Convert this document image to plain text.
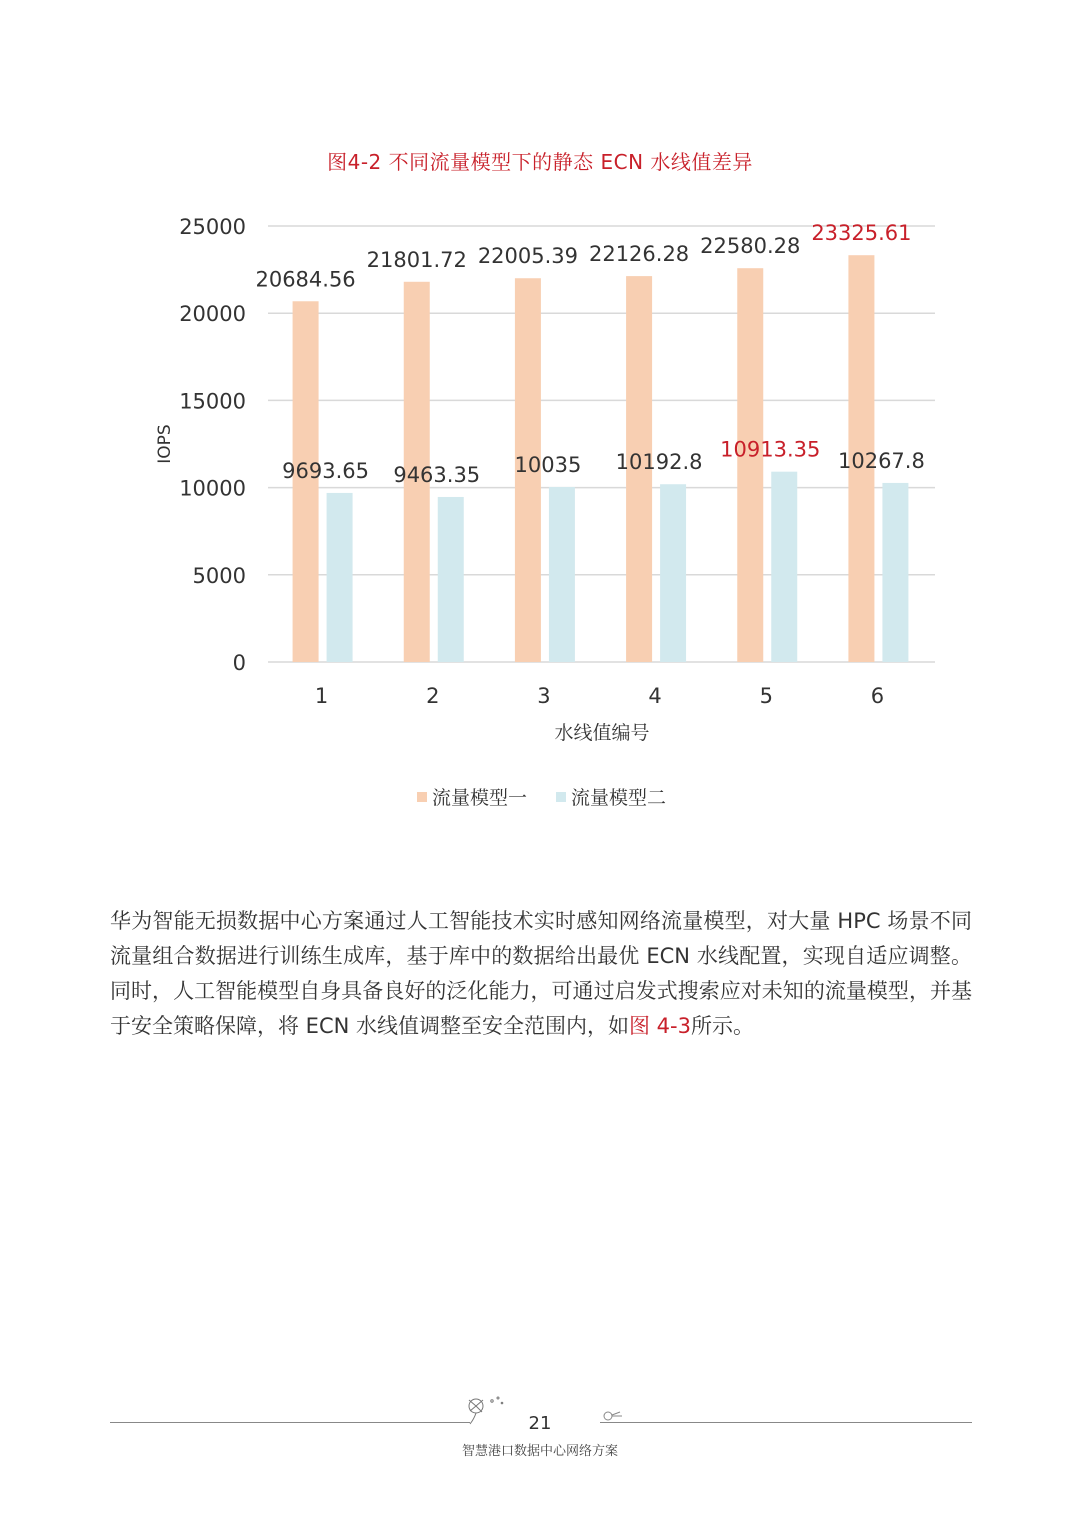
图4-2 不同流量模型下的静态 ECN 水线值差异
0
5000
10000
15000
20000
25000
IOPS
20684.56
9693.65
1
21801.72
9463.35
2
22005.39
10035
3
22126.28
10192.8
4
22580.28
10913.35
5
23325.61
10267.8
6
水线值编号
流量模型一 流量模型二

华为智能无损数据中心方案通过人工智能技术实时感知网络流量模型，对大量 HPC 场景不同流量组合数据进行训练生成库，基于库中的数据给出最优 ECN 水线配置，实现自适应调整。同时，人工智能模型自身具备良好的泛化能力，可通过启发式搜索应对未知的流量模型，并基于安全策略保障，将 ECN 水线值调整至安全范围内，如图 4-3所示。

21
智慧港口数据中心网络方案
